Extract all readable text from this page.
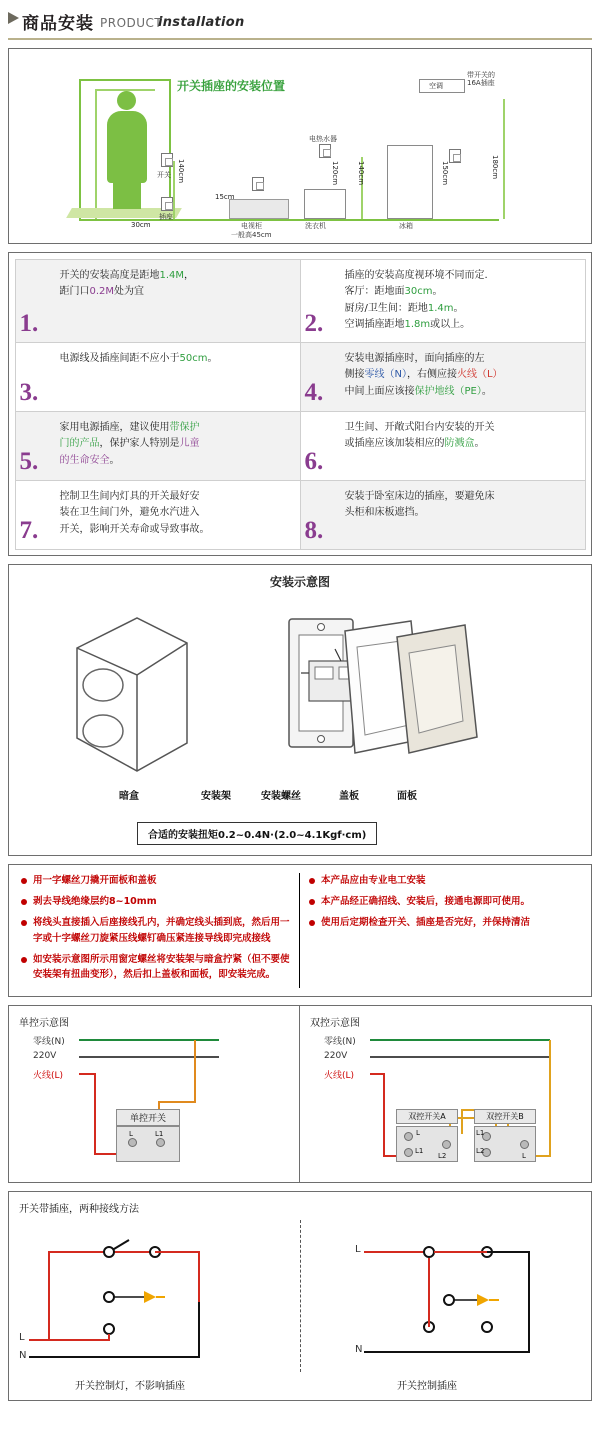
商品安装 PRODUCT
installation
开关插座的安装位置
开关 140cm
插座
30cm	电视柜
一般高45cm
15cm
洗衣机
电热水器
120cm	140cm
冰箱
150cm
空调
带开关的16A插座
180cm
1.
开关的安装高度是距地1.4M，
距门口0.2M处为宜
2.
插座的安装高度视环境不同而定.
客厅：距地面30cm。
厨房/卫生间：距地1.4m。
空调插座距地1.8m或以上。
3.
电源线及插座间距不应小于50cm。
4.
安装电源插座时，面向插座的左
侧接零线（N），右侧应接火线（L）
中间上面应该接保护地线（PE）。
5.
家用电源插座，建议使用带保护
门的产品，保护家人特别是儿童
的生命安全。	6.
卫生间、开敞式阳台内安装的开关
或插座应该加装相应的防溅盒。
7.
控制卫生间内灯具的开关最好安
装在卫生间门外，避免水汽进入
开关，影响开关寿命或导致事故。	8.
安装于卧室床边的插座，要避免床
头柜和床板遮挡。
安装示意图
暗盒	安装架	安装螺丝	盖板	面板
合适的安装扭矩0.2~0.4N·(2.0~4.1Kgf·cm)
用一字螺丝刀撬开面板和盖板
剥去导线绝缘层约8~10mm
将线头直接插入后座接线孔内，并确定线头插到底，然后用一字或十字螺丝刀旋紧压线螺钉确压紧连接导线即完成接线
如安装示意图所示用窗定螺丝将安装架与暗盒拧紧（但不要使安装架有扭曲变形），然后扣上盖板和面板，即安装完成。
本产品应由专业电工安装
本产品经正确招线、安装后，接通电源即可使用。
使用后定期检查开关、插座是否完好，并保持清洁
单控示意图
零线(N)
220V
火线(L)
单控开关
L	L1
双控示意图
零线(N)
220V
火线(L)
双控开关A
L
L1
L2
双控开关B
L1
L2
L
开关带插座，两种接线方法
L
N
L
N
开关控制灯，不影响插座	开关控制插座
